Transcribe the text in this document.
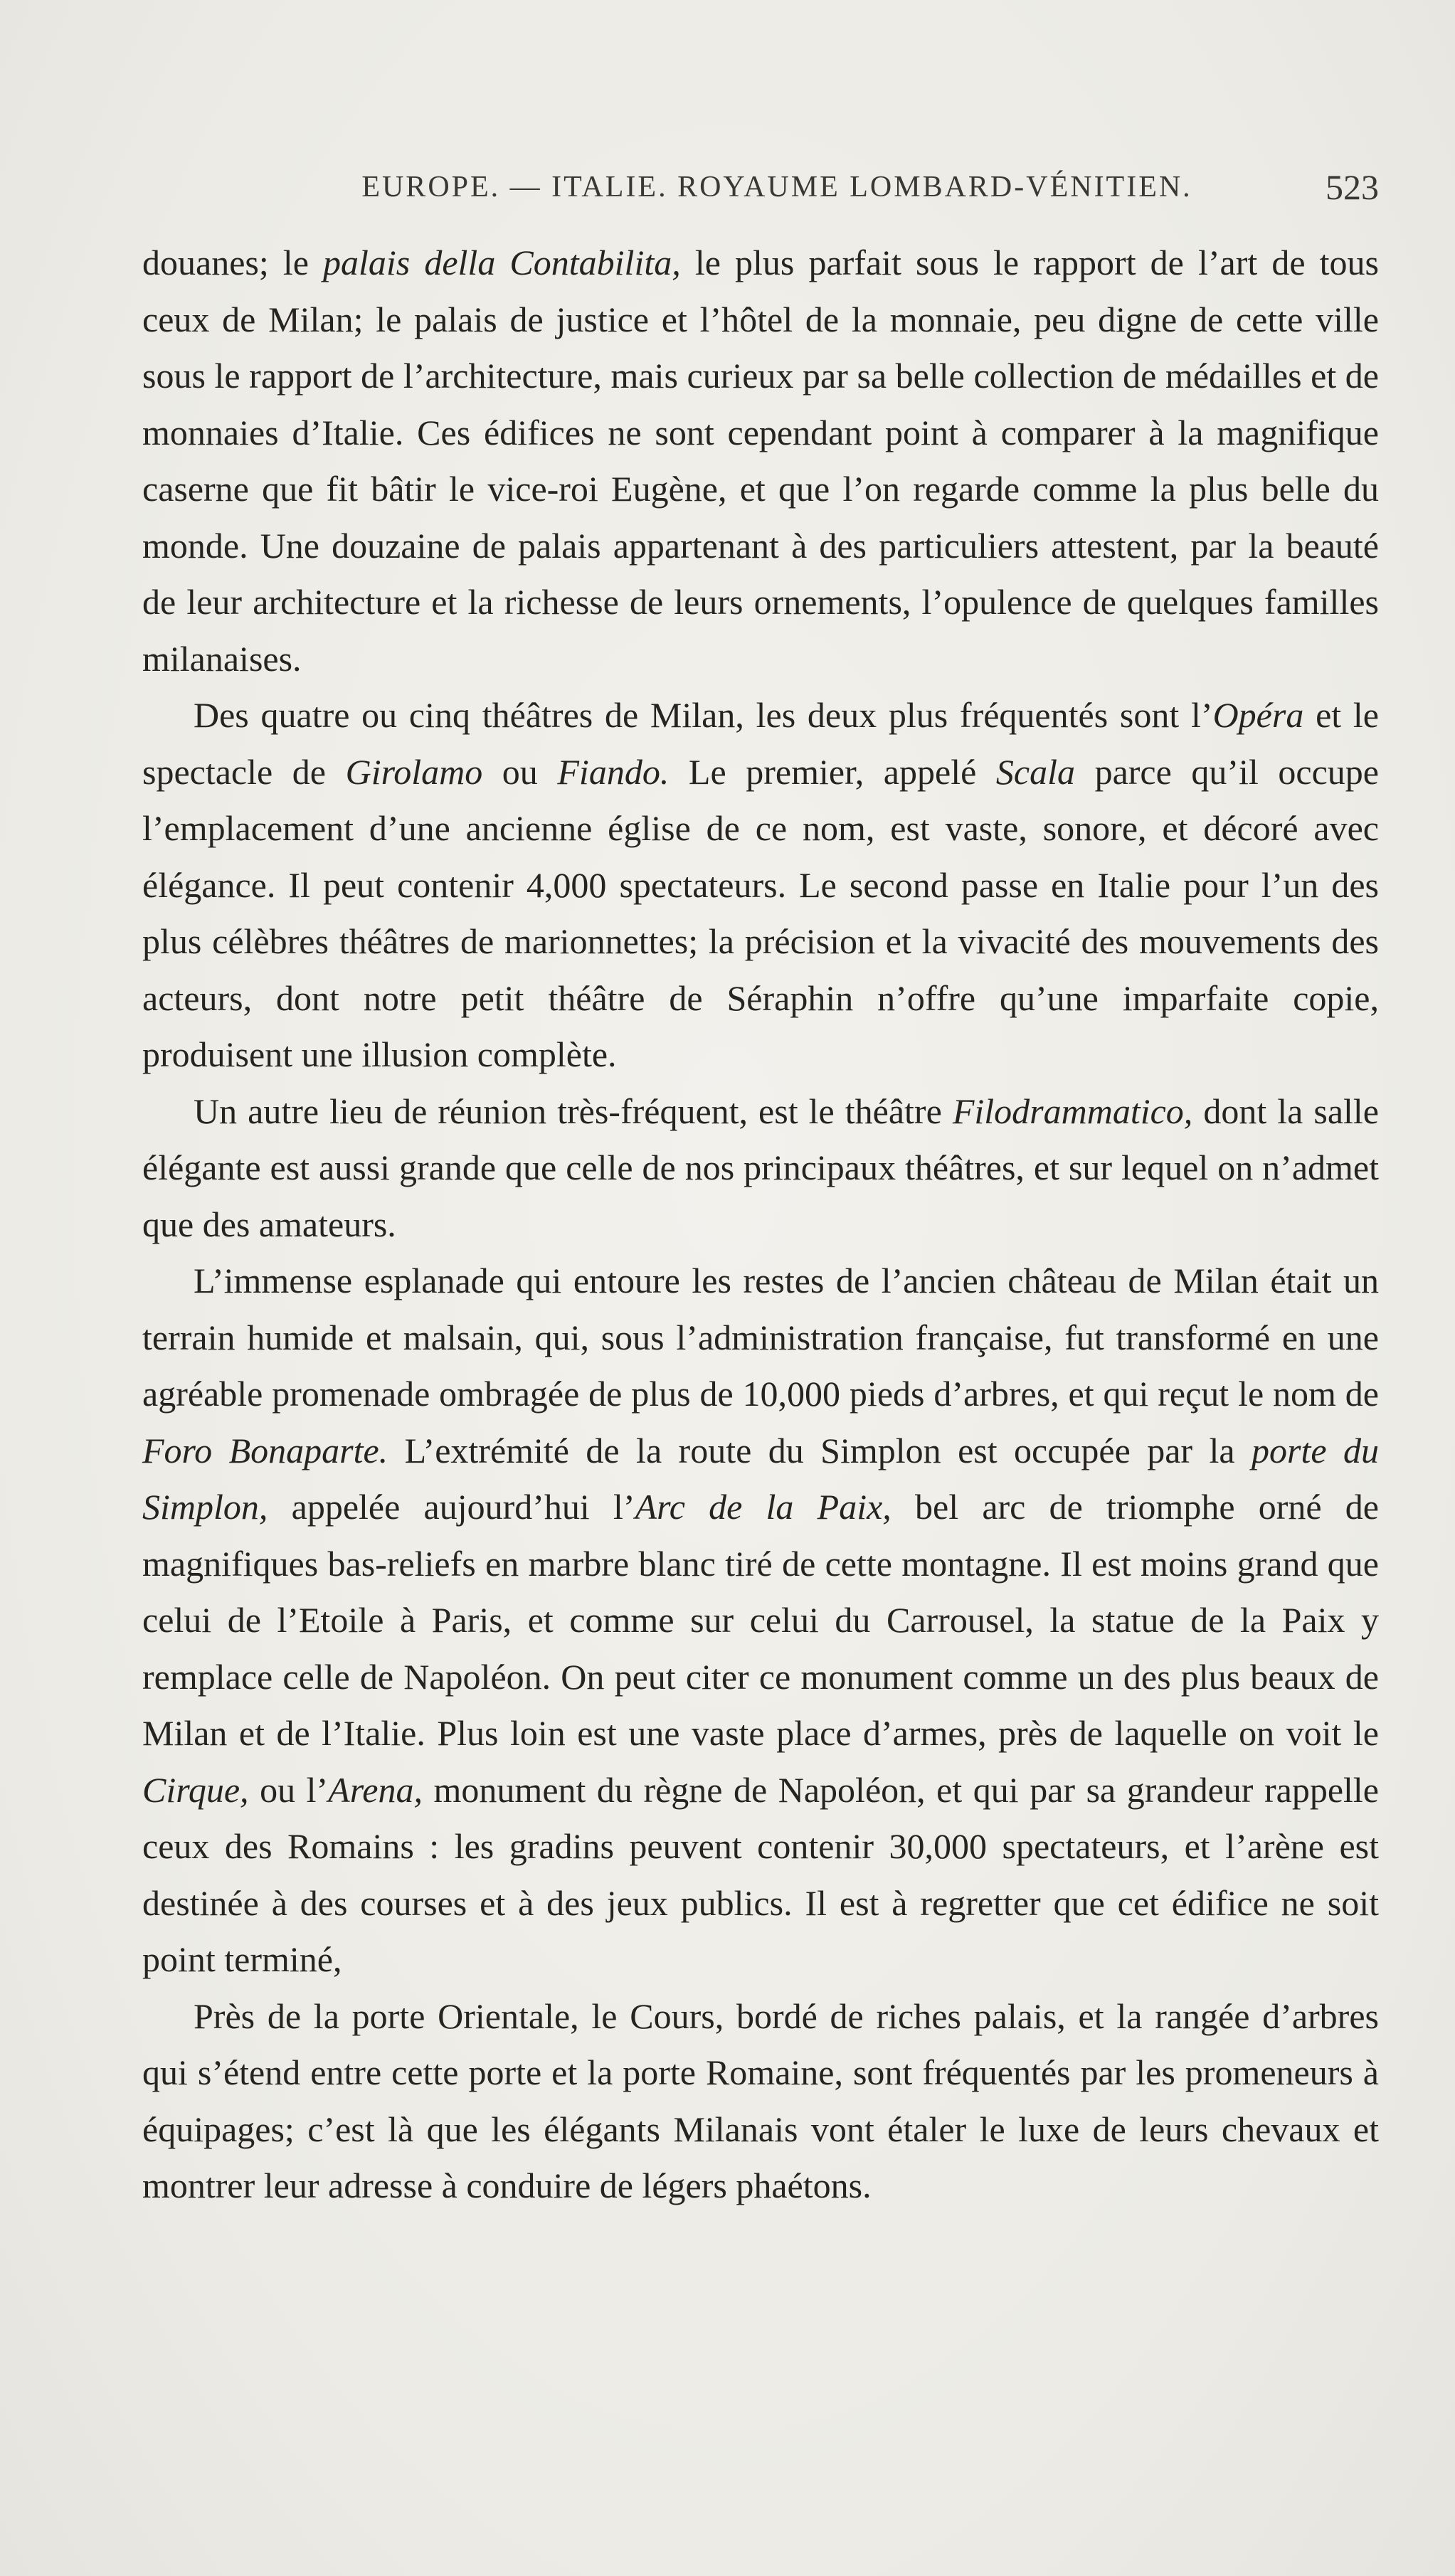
EUROPE. — ITALIE. ROYAUME LOMBARD-VÉNITIEN.	523

douanes; le palais della Contabilita, le plus parfait sous le rapport de l’art de tous ceux de Milan; le palais de justice et l’hôtel de la monnaie, peu digne de cette ville sous le rapport de l’architecture, mais curieux par sa belle collection de médailles et de monnaies d’Italie. Ces édifices ne sont cependant point à comparer à la magnifique caserne que fit bâtir le vice-roi Eugène, et que l’on regarde comme la plus belle du monde. Une douzaine de palais appartenant à des particuliers attestent, par la beauté de leur architecture et la richesse de leurs ornements, l’opulence de quelques familles milanaises.

Des quatre ou cinq théâtres de Milan, les deux plus fréquentés sont l’Opéra et le spectacle de Girolamo ou Fiando. Le premier, appelé Scala parce qu’il occupe l’emplacement d’une ancienne église de ce nom, est vaste, sonore, et décoré avec élégance. Il peut contenir 4,000 spectateurs. Le second passe en Italie pour l’un des plus célèbres théâtres de marionnettes; la précision et la vivacité des mouvements des acteurs, dont notre petit théâtre de Séraphin n’offre qu’une imparfaite copie, produisent une illusion complète.

Un autre lieu de réunion très-fréquent, est le théâtre Filodrammatico, dont la salle élégante est aussi grande que celle de nos principaux théâtres, et sur lequel on n’admet que des amateurs.

L’immense esplanade qui entoure les restes de l’ancien château de Milan était un terrain humide et malsain, qui, sous l’administration française, fut transformé en une agréable promenade ombragée de plus de 10,000 pieds d’arbres, et qui reçut le nom de Foro Bonaparte. L’extrémité de la route du Simplon est occupée par la porte du Simplon, appelée aujourd’hui l’Arc de la Paix, bel arc de triomphe orné de magnifiques bas-reliefs en marbre blanc tiré de cette montagne. Il est moins grand que celui de l’Etoile à Paris, et comme sur celui du Carrousel, la statue de la Paix y remplace celle de Napoléon. On peut citer ce monument comme un des plus beaux de Milan et de l’Italie. Plus loin est une vaste place d’armes, près de laquelle on voit le Cirque, ou l’Arena, monument du règne de Napoléon, et qui par sa grandeur rappelle ceux des Romains : les gradins peuvent contenir 30,000 spectateurs, et l’arène est destinée à des courses et à des jeux publics. Il est à regretter que cet édifice ne soit point terminé,

Près de la porte Orientale, le Cours, bordé de riches palais, et la rangée d’arbres qui s’étend entre cette porte et la porte Romaine, sont fréquentés par les promeneurs à équipages; c’est là que les élégants Milanais vont étaler le luxe de leurs chevaux et montrer leur adresse à conduire de légers phaétons.
